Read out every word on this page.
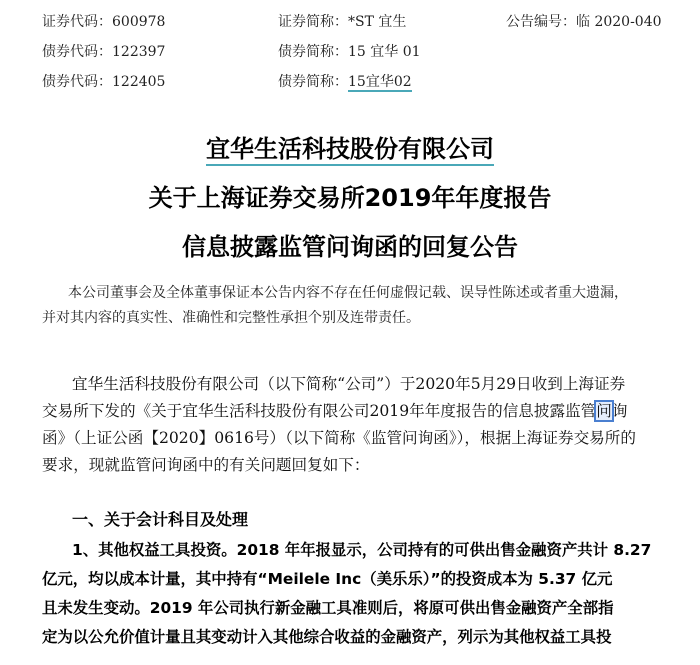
证券代码：600978	证券简称：*ST 宜生	公告编号：临 2020-040
债券代码：122397	债券简称：15 宜华 01
债券代码：122405	债券简称：15宜华02
宜华生活科技股份有限公司
关于上海证券交易所2019年年度报告
信息披露监管问询函的回复公告

本公司董事会及全体董事保证本公告内容不存在任何虚假记载、误导性陈述或者重大遗漏，

并对其内容的真实性、准确性和完整性承担个别及连带责任。

宜华生活科技股份有限公司（以下简称“公司”）于2020年5月29日收到上海证券

交易所下发的《关于宜华生活科技股份有限公司2019年年度报告的信息披露监管问询

函》（上证公函【2020】0616号）（以下简称《监管问询函》），根据上海证券交易所的

要求，现就监管问询函中的有关问题回复如下：

一、关于会计科目及处理

1、其他权益工具投资。2018 年年报显示，公司持有的可供出售金融资产共计 8.27

亿元，均以成本计量，其中持有“Meilele Inc（美乐乐）”的投资成本为 5.37 亿元

且未发生变动。2019 年公司执行新金融工具准则后，将原可供出售金融资产全部指

定为以公允价值计量且其变动计入其他综合收益的金融资产，列示为其他权益工具投
